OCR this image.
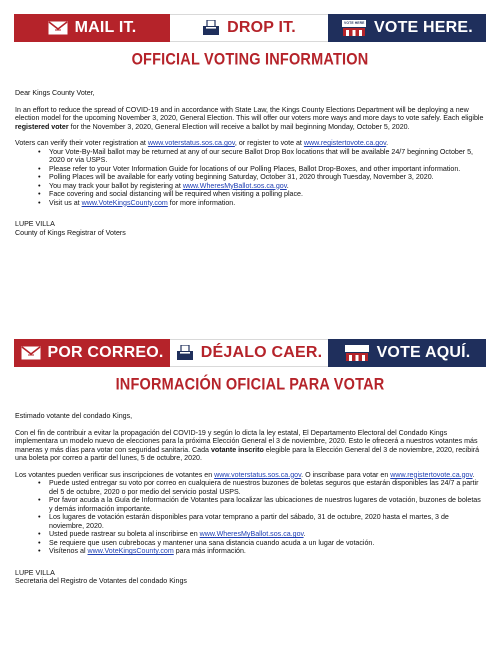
MAIL IT.	DROP IT.	VOTE HERE VOTE HERE.
OFFICIAL VOTING INFORMATION

Dear Kings County Voter,

In an effort to reduce the spread of COVID-19 and in accordance with State Law, the Kings County Elections Department will be deploying a new election model for the upcoming November 3, 2020, General Election. This will offer our voters more ways and more days to vote safely. Each eligible registered voter for the November 3, 2020, General Election will receive a ballot by mail beginning Monday, October 5, 2020.

Voters can verify their voter registration at www.voterstatus.sos.ca.gov, or register to vote at www.registertovote.ca.gov.

• Your Vote-By-Mail ballot may be returned at any of our secure Ballot Drop Box locations that will be available 24/7 beginning October 5, 2020 or via USPS.
• Please refer to your Voter Information Guide for locations of our Polling Places, Ballot Drop-Boxes, and other important information.
• Polling Places will be available for early voting beginning Saturday, October 31, 2020 through Tuesday, November 3, 2020.
• You may track your ballot by registering at www.WheresMyBallot.sos.ca.gov.
• Face covering and social distancing will be required when visiting a polling place.
• Visit us at www.VoteKingsCounty.com for more information.

LUPE VILLA

County of Kings Registrar of Voters

POR CORREO. DÉJALO CAER.	VOTE AQUÍ.
INFORMACIÓN OFICIAL PARA VOTAR

Estimado votante del condado Kings,

Con el fin de contribuir a evitar la propagación del COVID-19 y según lo dicta la ley estatal, El Departamento Electoral del Condado Kings implementara un modelo nuevo de elecciones para la próxima Elección General el 3 de noviembre, 2020. Esto le ofrecerá a nuestros votantes más maneras y más días para votar con seguridad sanitaria. Cada votante inscrito elegible para la Elección General del 3 de noviembre, 2020, recibirá una boleta por correo a partir del lunes, 5 de octubre, 2020.

Los votantes pueden verificar sus inscripciones de votantes en www.voterstatus.sos.ca.gov. O inscribase para votar en www.registertovote.ca.gov.

• Puede usted entregar su voto por correo en cualquiera de nuestros buzones de boletas seguros que estarán disponibles las 24/7 a partir del 5 de octubre, 2020 o por medio del servicio postal USPS.
• Por favor acuda a la Guía de Información de Votantes para localizar las ubicaciones de nuestros lugares de votación, buzones de boletas y demás información importante.
• Los lugares de votación estarán disponibles para votar temprano a partir del sábado, 31 de octubre, 2020 hasta el martes, 3 de noviembre, 2020.
• Usted puede rastrear su boleta al inscribirse en www.WheresMyBallot.sos.ca.gov.
• Se requiere que usen cubrebocas y mantener una sana distancia cuando acuda a un lugar de votación.
• Visítenos al www.VoteKingsCounty.com para más información.

LUPE VILLA

Secretaria del Registro de Votantes del condado Kings
